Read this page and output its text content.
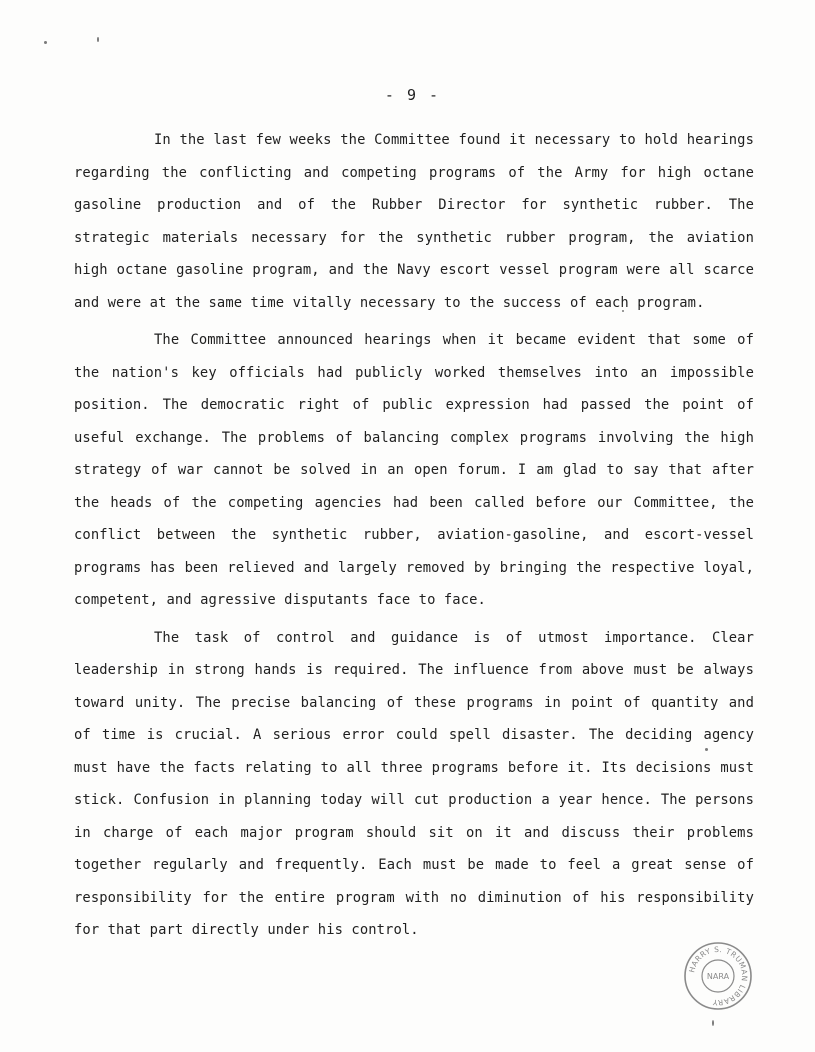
- 9 -

In the last few weeks the Committee found it necessary to hold hearings regarding the conflicting and competing programs of the Army for high octane gasoline production and of the Rubber Director for synthetic rubber. The strategic materials necessary for the synthetic rubber program, the aviation high octane gasoline program, and the Navy escort vessel program were all scarce and were at the same time vitally necessary to the success of each program.

The Committee announced hearings when it became evident that some of the nation's key officials had publicly worked themselves into an impossible position. The democratic right of public expression had passed the point of useful exchange. The problems of balancing complex programs involving the high strategy of war cannot be solved in an open forum. I am glad to say that after the heads of the competing agencies had been called before our Committee, the conflict between the synthetic rubber, aviation-gasoline, and escort-vessel programs has been relieved and largely removed by bringing the respective loyal, competent, and agressive disputants face to face.

The task of control and guidance is of utmost importance. Clear leadership in strong hands is required. The influence from above must be always toward unity. The precise balancing of these programs in point of quantity and of time is crucial. A serious error could spell disaster. The deciding agency must have the facts relating to all three programs before it. Its decisions must stick. Confusion in planning today will cut production a year hence. The persons in charge of each major program should sit on it and discuss their problems together regularly and frequently. Each must be made to feel a great sense of responsibility for the entire program with no diminution of his responsibility for that part directly under his control.

HARRY S. TRUMAN LIBRARY
NARA
